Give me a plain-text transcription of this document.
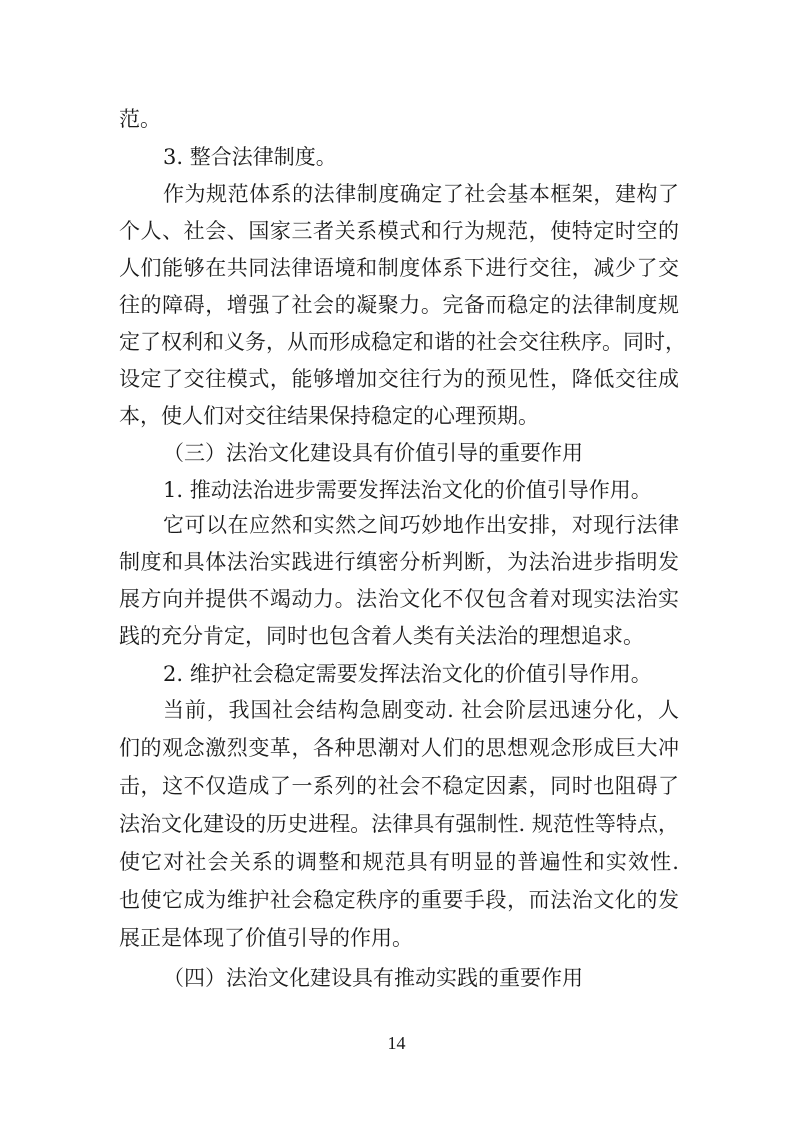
范。
3. 整合法律制度。
作为规范体系的法律制度确定了社会基本框架，建构了
个人、社会、国家三者关系模式和行为规范，使特定时空的
人们能够在共同法律语境和制度体系下进行交往，减少了交
往的障碍，增强了社会的凝聚力。完备而稳定的法律制度规
定了权利和义务，从而形成稳定和谐的社会交往秩序。同时，
设定了交往模式，能够增加交往行为的预见性，降低交往成
本，使人们对交往结果保持稳定的心理预期。
（三）法治文化建设具有价值引导的重要作用
1. 推动法治进步需要发挥法治文化的价值引导作用。
它可以在应然和实然之间巧妙地作出安排，对现行法律
制度和具体法治实践进行缜密分析判断，为法治进步指明发
展方向并提供不竭动力。法治文化不仅包含着对现实法治实
践的充分肯定，同时也包含着人类有关法治的理想追求。
2. 维护社会稳定需要发挥法治文化的价值引导作用。
当前，我国社会结构急剧变动. 社会阶层迅速分化，人
们的观念激烈变革，各种思潮对人们的思想观念形成巨大冲
击，这不仅造成了一系列的社会不稳定因素，同时也阻碍了
法治文化建设的历史进程。法律具有强制性. 规范性等特点，
使它对社会关系的调整和规范具有明显的普遍性和实效性.
也使它成为维护社会稳定秩序的重要手段，而法治文化的发
展正是体现了价值引导的作用。
（四）法治文化建设具有推动实践的重要作用
14
